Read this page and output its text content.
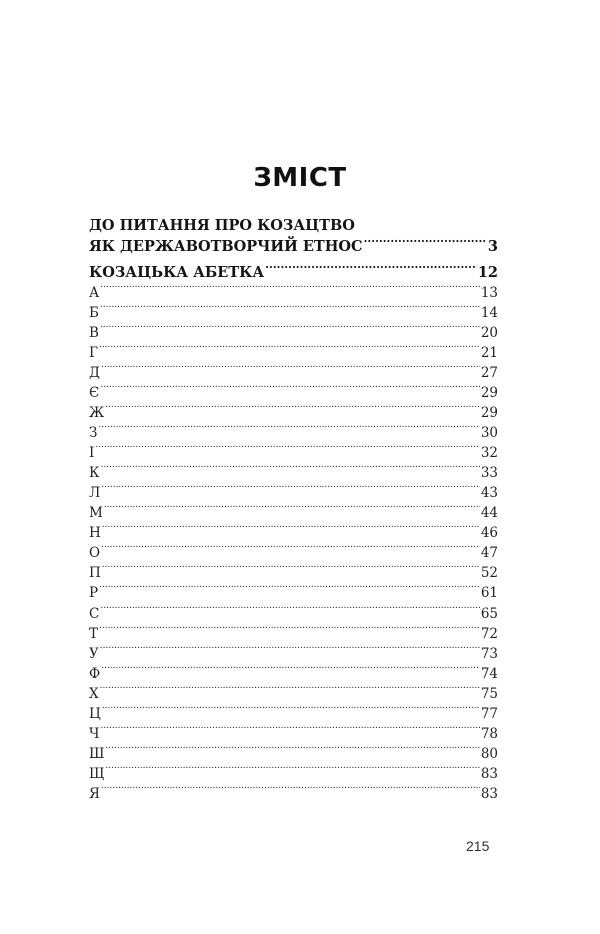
ЗМІСТ
ДО ПИТАННЯ ПРО КОЗАЦТВО
ЯК ДЕРЖАВОТВОРЧИЙ ЕТНОС .....	3
КОЗАЦЬКА АБЕТКА .....	12
А .....	13
Б .....	14
В .....	20
Г .....	21
Д .....	27
Є .....	29
Ж .....	29
З .....	30
І .....	32
К .....	33
Л .....	43
М .....	44
Н .....	46
О .....	47
П .....	52
Р .....	61
С .....	65
Т .....	72
У .....	73
Ф .....	74
Х .....	75
Ц .....	77
Ч .....	78
Ш .....	80
Щ .....	83
Я .....	83
215
